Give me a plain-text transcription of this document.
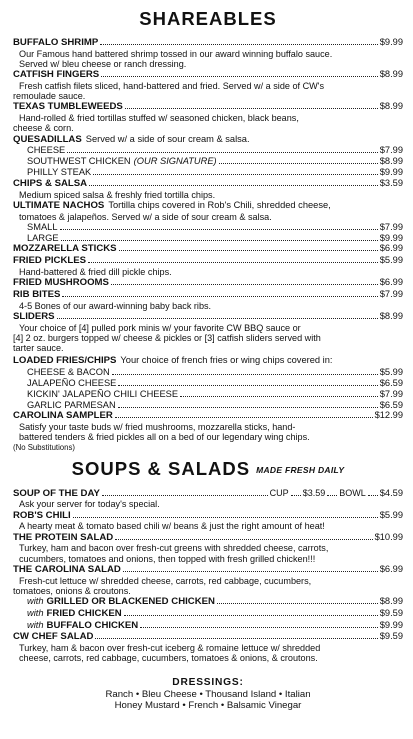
SHAREABLES
BUFFALO SHRIMP	$9.99
Our Famous hand battered shrimp tossed in our award winning buffalo sauce.
Served w/ bleu cheese or ranch dressing.
CATFISH FINGERS	$8.99
Fresh catfish filets sliced, hand-battered and fried. Served w/ a side of CW's
remoulade sauce.
TEXAS TUMBLEWEEDS	$8.99
Hand-rolled & fried tortillas stuffed w/ seasoned chicken, black beans,
cheese & corn.
QUESADILLAS Served w/ a side of sour cream & salsa.
CHEESE	$7.99
SOUTHWEST CHICKEN (OUR SIGNATURE)	$8.99
PHILLY STEAK	$9.99
CHIPS & SALSA	$3.59
Medium spiced salsa & freshly fried tortilla chips.
ULTIMATE NACHOS Tortilla chips covered in Rob's Chili, shredded cheese,
tomatoes & jalapeños. Served w/ a side of sour cream & salsa.
SMALL	$7.99
LARGE	$9.99
MOZZARELLA STICKS	$6.99
FRIED PICKLES	$5.99
Hand-battered & fried dill pickle chips.
FRIED MUSHROOMS	$6.99
RIB BITES	$7.99
4-5 Bones of our award-winning baby back ribs.
SLIDERS	$8.99
Your choice of [4] pulled pork minis w/ your favorite CW BBQ sauce or
[4] 2 oz. burgers topped w/ cheese & pickles or [3] catfish sliders served with
tarter sauce.
LOADED FRIES/CHIPS Your choice of french fries or wing chips covered in:
CHEESE & BACON	$5.99
JALAPEÑO CHEESE	$6.59
KICKIN' JALAPEÑO CHILI CHEESE	$7.99
GARLIC PARMESAN	$6.59
CAROLINA SAMPLER	$12.99
Satisfy your taste buds w/ fried mushrooms, mozzarella sticks, hand-
battered tenders & fried pickles all on a bed of our legendary wing chips.
(No Substitutions)
SOUPS & SALADS MADE FRESH DAILY
SOUP OF THE DAY	CUP $3.59 BOWL $4.59
Ask your server for today's special.
ROB'S CHILI	$5.99
A hearty meat & tomato based chili w/ beans & just the right amount of heat!
THE PROTEIN SALAD	$10.99
Turkey, ham and bacon over fresh-cut greens with shredded cheese, carrots,
cucumbers, tomatoes and onions, then topped with fresh grilled chicken!!!
THE CAROLINA SALAD	$6.99
Fresh-cut lettuce w/ shredded cheese, carrots, red cabbage, cucumbers,
tomatoes, onions & croutons.
with GRILLED OR BLACKENED CHICKEN	$8.99
with FRIED CHICKEN	$9.59
with BUFFALO CHICKEN	$9.99
CW CHEF SALAD	$9.59
Turkey, ham & bacon over fresh-cut iceberg & romaine lettuce w/ shredded
cheese, carrots, red cabbage, cucumbers, tomatoes & onions, & croutons.
DRESSINGS:
Ranch • Bleu Cheese • Thousand Island • Italian
Honey Mustard • French • Balsamic Vinegar
